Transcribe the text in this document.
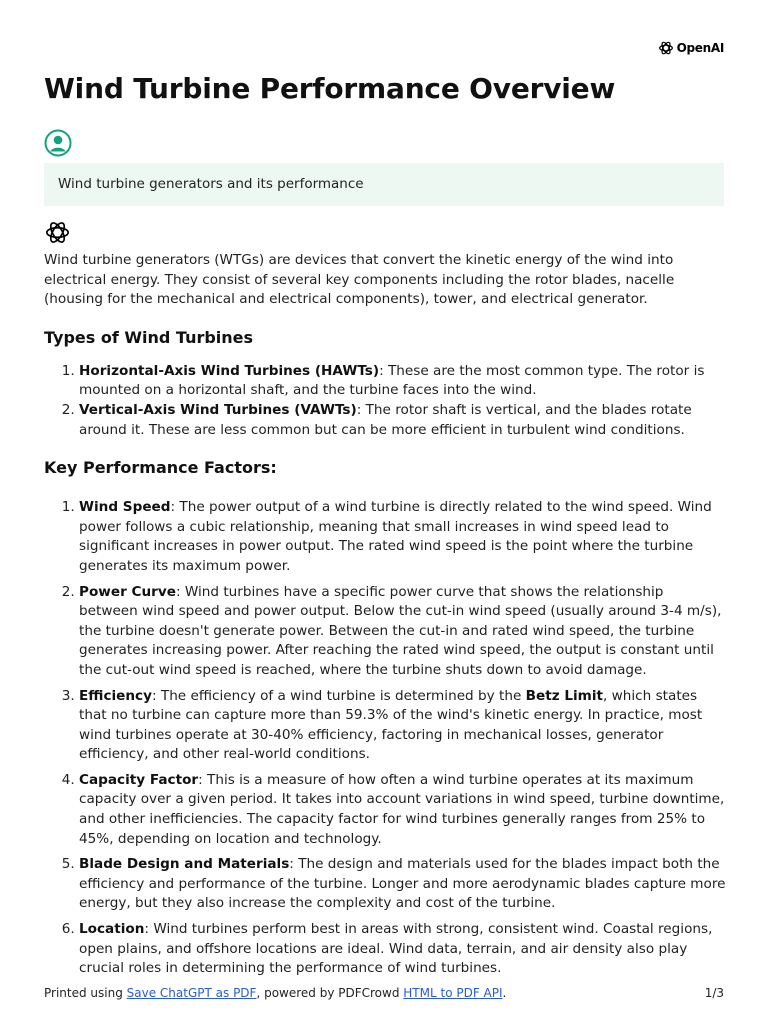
OpenAI
Wind Turbine Performance Overview
Wind turbine generators and its performance

Wind turbine generators (WTGs) are devices that convert the kinetic energy of the wind into electrical energy. They consist of several key components including the rotor blades, nacelle (housing for the mechanical and electrical components), tower, and electrical generator.

Types of Wind Turbines
1. Horizontal-Axis Wind Turbines (HAWTs): These are the most common type. The rotor is mounted on a horizontal shaft, and the turbine faces into the wind.
2. Vertical-Axis Wind Turbines (VAWTs): The rotor shaft is vertical, and the blades rotate around it. These are less common but can be more efficient in turbulent wind conditions.
Key Performance Factors:
1. Wind Speed: The power output of a wind turbine is directly related to the wind speed. Wind power follows a cubic relationship, meaning that small increases in wind speed lead to significant increases in power output. The rated wind speed is the point where the turbine generates its maximum power.
2. Power Curve: Wind turbines have a specific power curve that shows the relationship between wind speed and power output. Below the cut-in wind speed (usually around 3-4 m/s), the turbine doesn't generate power. Between the cut-in and rated wind speed, the turbine generates increasing power. After reaching the rated wind speed, the output is constant until the cut-out wind speed is reached, where the turbine shuts down to avoid damage.
3. Efficiency: The efficiency of a wind turbine is determined by the Betz Limit, which states that no turbine can capture more than 59.3% of the wind's kinetic energy. In practice, most wind turbines operate at 30-40% efficiency, factoring in mechanical losses, generator efficiency, and other real-world conditions.
4. Capacity Factor: This is a measure of how often a wind turbine operates at its maximum capacity over a given period. It takes into account variations in wind speed, turbine downtime, and other inefficiencies. The capacity factor for wind turbines generally ranges from 25% to 45%, depending on location and technology.
5. Blade Design and Materials: The design and materials used for the blades impact both the efficiency and performance of the turbine. Longer and more aerodynamic blades capture more energy, but they also increase the complexity and cost of the turbine.
6. Location: Wind turbines perform best in areas with strong, consistent wind. Coastal regions, open plains, and offshore locations are ideal. Wind data, terrain, and air density also play crucial roles in determining the performance of wind turbines.
Printed using Save ChatGPT as PDF, powered by PDFCrowd HTML to PDF API.	1/3
